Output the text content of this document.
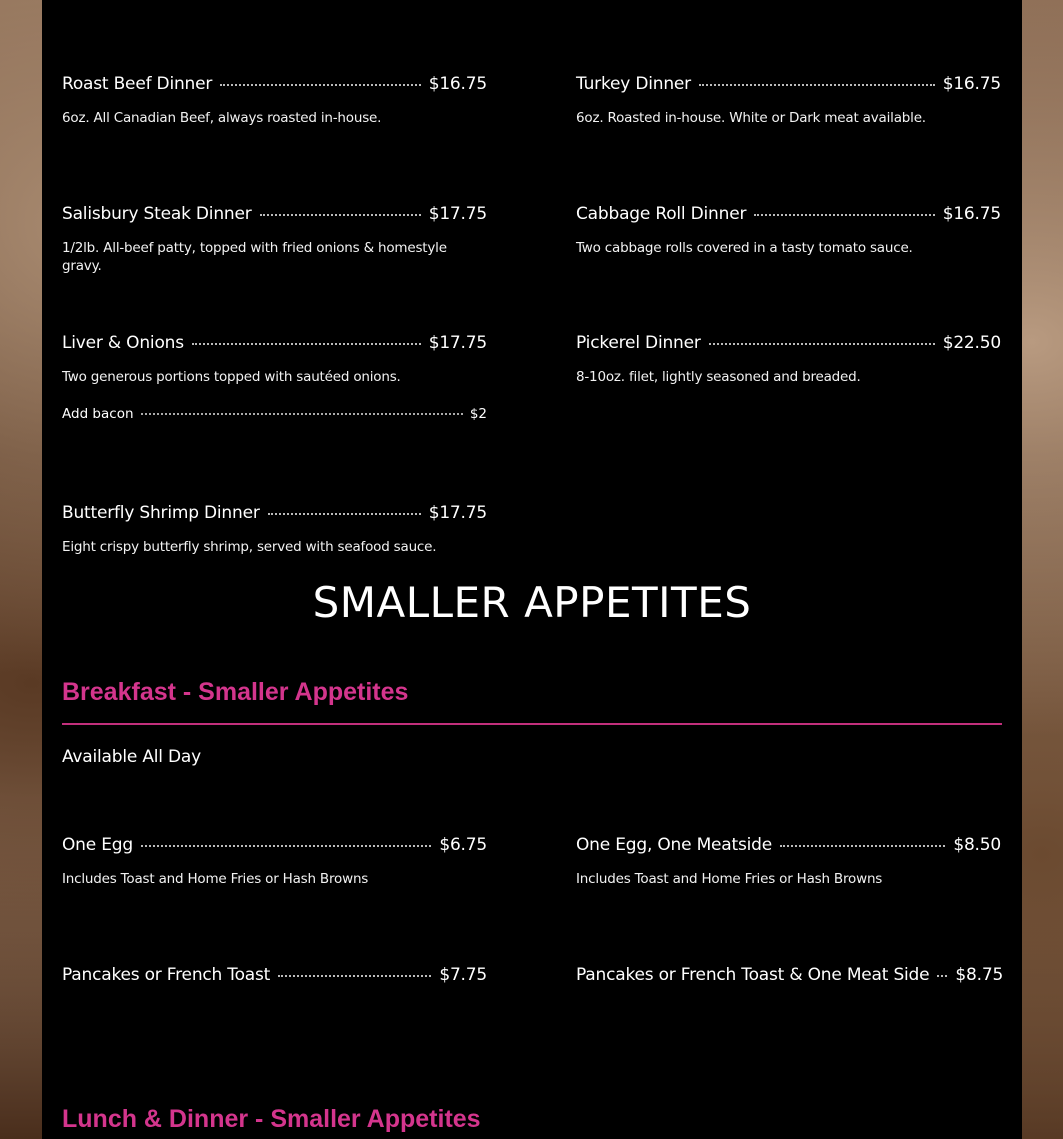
Roast Beef Dinner	$16.75
6oz. All Canadian Beef, always roasted in-house.
Salisbury Steak Dinner	$17.75
1/2lb. All-beef patty, topped with fried onions & homestyle gravy.
Liver & Onions	$17.75
Two generous portions topped with sautéed onions.
Add bacon	$2
Butterfly Shrimp Dinner	$17.75
Eight crispy butterfly shrimp, served with seafood sauce.
Turkey Dinner	$16.75
6oz. Roasted in-house. White or Dark meat available.
Cabbage Roll Dinner	$16.75
Two cabbage rolls covered in a tasty tomato sauce.
Pickerel Dinner	$22.50
8-10oz. filet, lightly seasoned and breaded.
SMALLER APPETITES
Breakfast - Smaller Appetites
Available All Day
One Egg	$6.75
Includes Toast and Home Fries or Hash Browns
Pancakes or French Toast	$7.75
One Egg, One Meatside	$8.50
Includes Toast and Home Fries or Hash Browns
Pancakes or French Toast & One Meat Side $8.75
Lunch & Dinner - Smaller Appetites
